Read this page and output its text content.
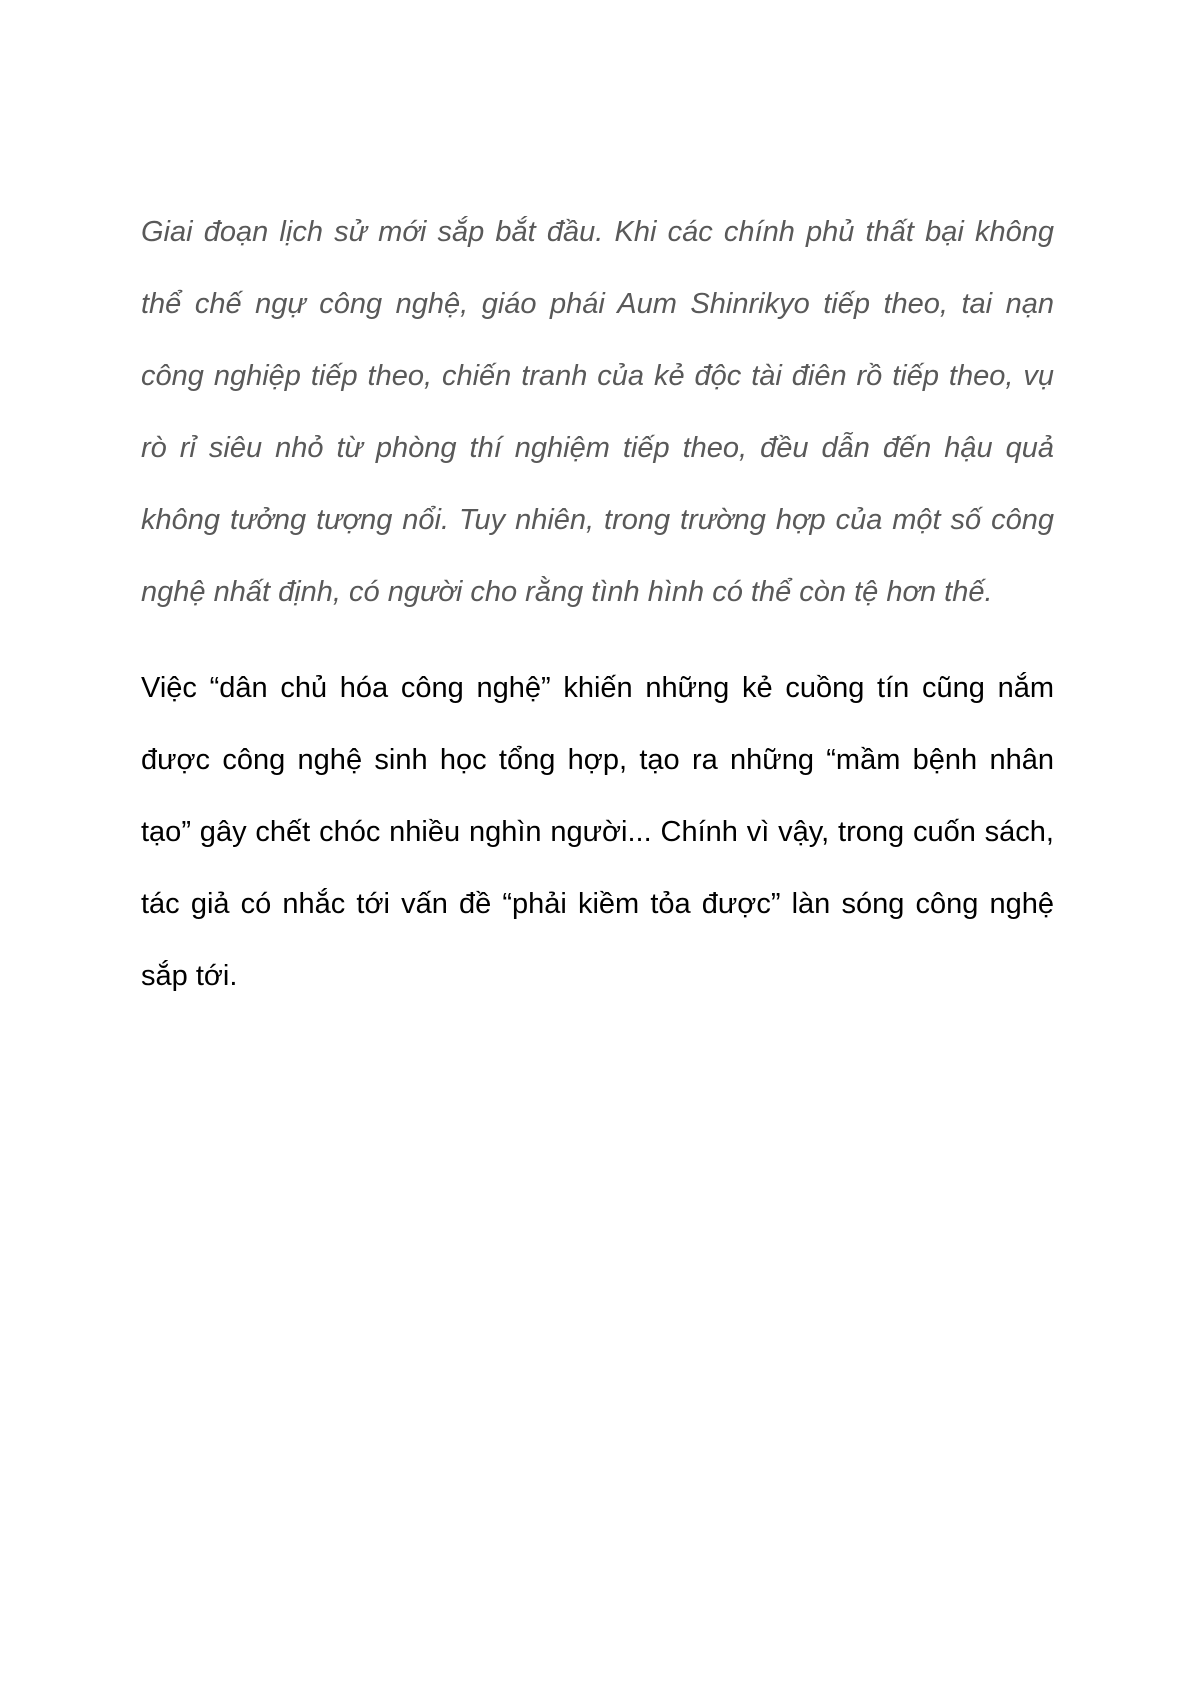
Giai đoạn lịch sử mới sắp bắt đầu. Khi các chính phủ thất bại không thể chế ngự công nghệ, giáo phái Aum Shinrikyo tiếp theo, tai nạn công nghiệp tiếp theo, chiến tranh của kẻ độc tài điên rồ tiếp theo, vụ rò rỉ siêu nhỏ từ phòng thí nghiệm tiếp theo, đều dẫn đến hậu quả không tưởng tượng nổi. Tuy nhiên, trong trường hợp của một số công nghệ nhất định, có người cho rằng tình hình có thể còn tệ hơn thế.

Việc “dân chủ hóa công nghệ” khiến những kẻ cuồng tín cũng nắm được công nghệ sinh học tổng hợp, tạo ra những “mầm bệnh nhân tạo” gây chết chóc nhiều nghìn người... Chính vì vậy, trong cuốn sách, tác giả có nhắc tới vấn đề “phải kiềm tỏa được” làn sóng công nghệ sắp tới.
